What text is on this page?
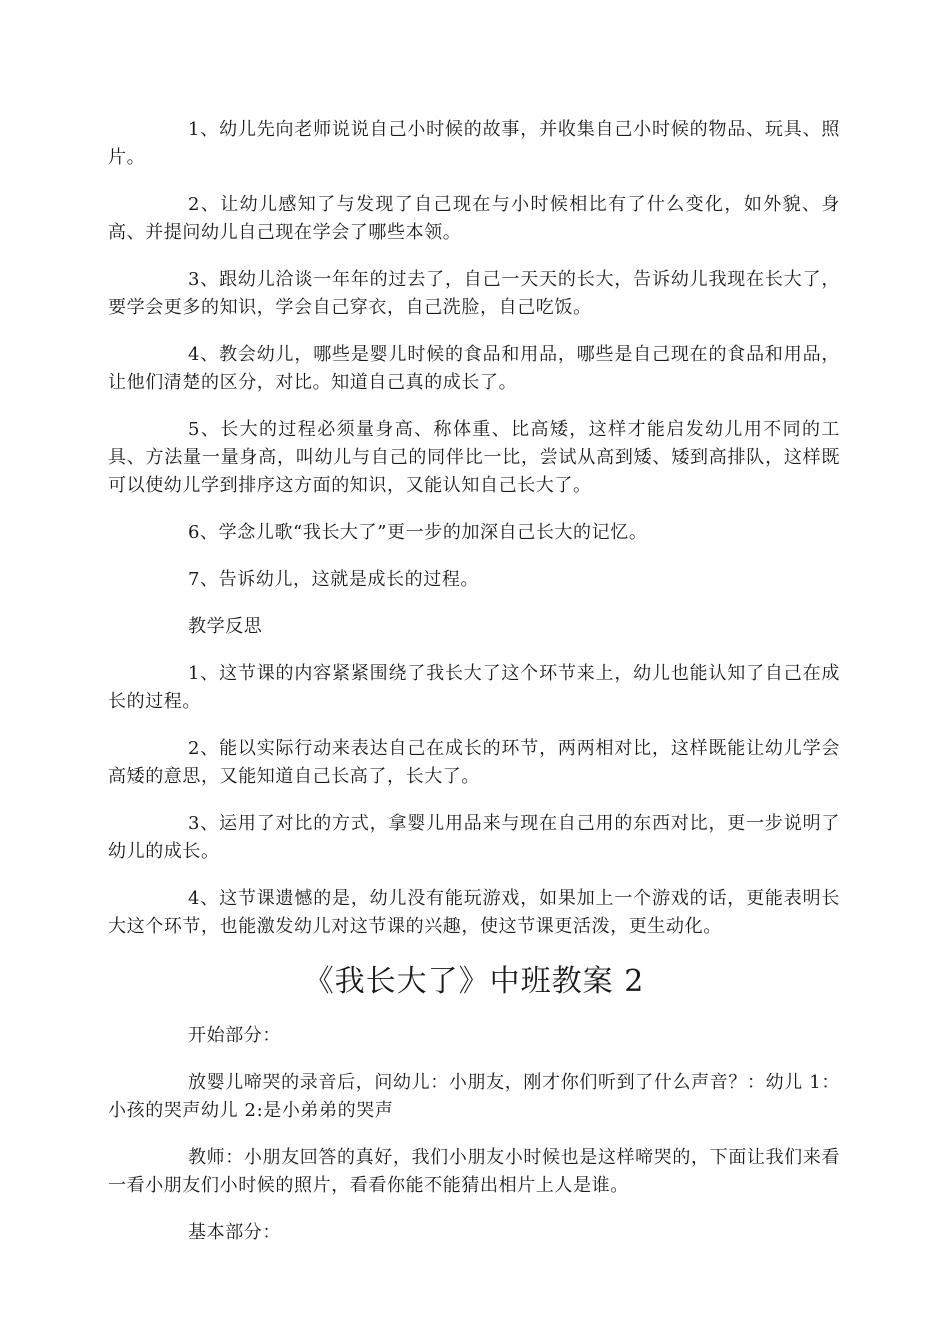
1、幼儿先向老师说说自己小时候的故事，并收集自己小时候的物品、玩具、照片。

2、让幼儿感知了与发现了自己现在与小时候相比有了什么变化，如外貌、身高、并提问幼儿自己现在学会了哪些本领。

3、跟幼儿洽谈一年年的过去了，自己一天天的长大，告诉幼儿我现在长大了，要学会更多的知识，学会自己穿衣，自己洗脸，自己吃饭。

4、教会幼儿，哪些是婴儿时候的食品和用品，哪些是自己现在的食品和用品，让他们清楚的区分，对比。知道自己真的成长了。

5、长大的过程必须量身高、称体重、比高矮，这样才能启发幼儿用不同的工具、方法量一量身高，叫幼儿与自己的同伴比一比，尝试从高到矮、矮到高排队，这样既可以使幼儿学到排序这方面的知识，又能认知自己长大了。

6、学念儿歌“我长大了”更一步的加深自己长大的记忆。

7、告诉幼儿，这就是成长的过程。

教学反思

1、这节课的内容紧紧围绕了我长大了这个环节来上，幼儿也能认知了自己在成长的过程。

2、能以实际行动来表达自己在成长的环节，两两相对比，这样既能让幼儿学会高矮的意思，又能知道自己长高了，长大了。

3、运用了对比的方式，拿婴儿用品来与现在自己用的东西对比，更一步说明了幼儿的成长。

4、这节课遗憾的是，幼儿没有能玩游戏，如果加上一个游戏的话，更能表明长大这个环节，也能激发幼儿对这节课的兴趣，使这节课更活泼，更生动化。

《我长大了》中班教案 2

开始部分：

放婴儿啼哭的录音后，问幼儿：小朋友，刚才你们听到了什么声音？：幼儿 1：小孩的哭声幼儿 2:是小弟弟的哭声

教师：小朋友回答的真好，我们小朋友小时候也是这样啼哭的，下面让我们来看一看小朋友们小时候的照片，看看你能不能猜出相片上人是谁。

基本部分：
